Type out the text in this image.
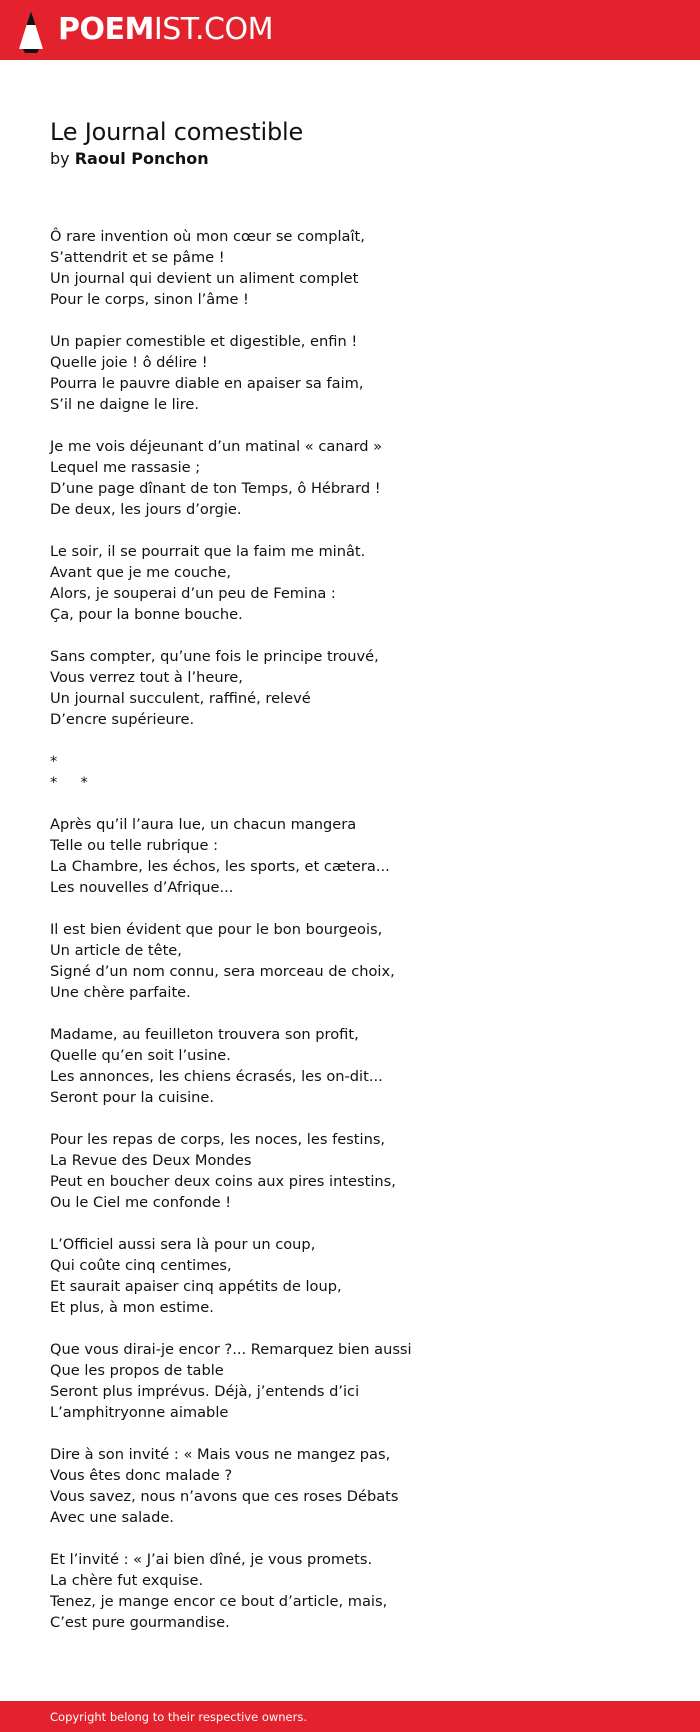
POEMIST.COM
Le Journal comestible
by Raoul Ponchon

Ô rare invention où mon cœur se complaît,
S’attendrit et se pâme !
Un journal qui devient un aliment complet
Pour le corps, sinon l’âme !

Un papier comestible et digestible, enfin !
Quelle joie ! ô délire !
Pourra le pauvre diable en apaiser sa faim,
S’il ne daigne le lire.

Je me vois déjeunant d’un matinal « canard »
Lequel me rassasie ;
D’une page dînant de ton Temps, ô Hébrard !
De deux, les jours d’orgie.

Le soir, il se pourrait que la faim me minât.
Avant que je me couche,
Alors, je souperai d’un peu de Femina :
Ça, pour la bonne bouche.

Sans compter, qu’une fois le principe trouvé,
Vous verrez tout à l’heure,
Un journal succulent, raffiné, relevé
D’encre supérieure.

*
*     *

Après qu’il l’aura lue, un chacun mangera
Telle ou telle rubrique :
La Chambre, les échos, les sports, et cætera...
Les nouvelles d’Afrique...

Il est bien évident que pour le bon bourgeois,
Un article de tête,
Signé d’un nom connu, sera morceau de choix,
Une chère parfaite.

Madame, au feuilleton trouvera son profit,
Quelle qu’en soit l’usine.
Les annonces, les chiens écrasés, les on-dit...
Seront pour la cuisine.

Pour les repas de corps, les noces, les festins,
La Revue des Deux Mondes
Peut en boucher deux coins aux pires intestins,
Ou le Ciel me confonde !

L’Officiel aussi sera là pour un coup,
Qui coûte cinq centimes,
Et saurait apaiser cinq appétits de loup,
Et plus, à mon estime.

Que vous dirai-je encor ?... Remarquez bien aussi
Que les propos de table
Seront plus imprévus. Déjà, j’entends d’ici
L’amphitryonne aimable

Dire à son invité : « Mais vous ne mangez pas,
Vous êtes donc malade ?
Vous savez, nous n’avons que ces roses Débats
Avec une salade.

Et l’invité : « J’ai bien dîné, je vous promets.
La chère fut exquise.
Tenez, je mange encor ce bout d’article, mais,
C’est pure gourmandise.

Copyright belong to their respective owners.
